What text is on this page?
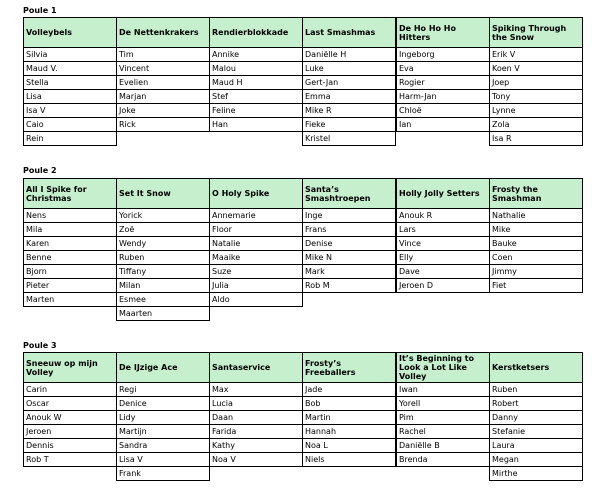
Poule 1
Volleybels
Silvia
Maud V.
Stella
Lisa
Isa V
Caio
Rein
De Nettenkrakers
Tim
Vincent
Evelien
Marjan
Joke
Rick
Rendierblokkade
Annike
Malou
Maud H
Stef
Feline
Han
Last Smashmas
Daniëlle H
Luke
Gert-Jan
Emma
Mike R
Fieke
Kristel
De Ho Ho Ho Hitters
Ingeborg
Eva
Rogier
Harm-Jan
Chloë
Ian
Spiking Through the Snow
Erik V
Koen V
Joep
Tony
Lynne
Zola
Isa R
Poule 2
All I Spike for Christmas
Nens
Mila
Karen
Benne
Bjorn
Pieter
Marten
Set It Snow
Yorick
Zoë
Wendy
Ruben
Tiffany
Milan
Esmee
Maarten
O Holy Spike
Annemarie
Floor
Natalie
Maaike
Suze
Julia
Aldo
Santa’s Smashtroepen
Inge
Frans
Denise
Mike N
Mark
Rob M
Holly Jolly Setters
Anouk R
Lars
Vince
Elly
Dave
Jeroen D
Frosty the Smashman
Nathalie
Mike
Bauke
Coen
Jimmy
Fiet
Poule 3
Sneeuw op mijn Volley
Carin
Oscar
Anouk W
Jeroen
Dennis
Rob T
De IJzige Ace
Regi
Denice
Lidy
Martijn
Sandra
Lisa V
Frank
Santaservice
Max
Lucia
Daan
Farida
Kathy
Noa V
Frosty’s Freeballers
Jade
Bob
Martin
Hannah
Noa L
Niels
It’s Beginning to Look a Lot Like Volley
Iwan
Yorell
Pim
Rachel
Daniëlle B
Brenda
Kerstketsers
Ruben
Robert
Danny
Stefanie
Laura
Megan
Mirthe
